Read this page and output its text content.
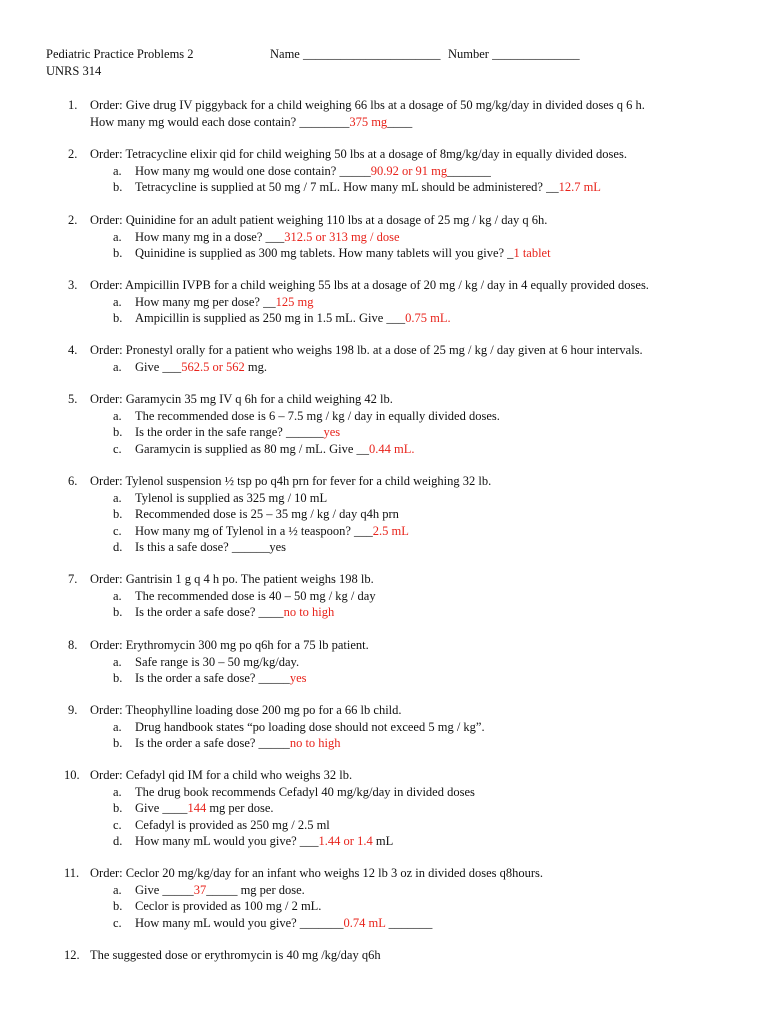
Pediatric Practice Problems 2	Name ______________________ Number ______________
UNRS 314
1.	Order: Give drug IV piggyback for a child weighing 66 lbs at a dosage of 50 mg/kg/day in divided doses q 6 h.
How many mg would each dose contain? ________375 mg____
2.	Order: Tetracycline elixir qid for child weighing 50 lbs at a dosage of 8mg/kg/day in equally divided doses.
a. How many mg would one dose contain? _____90.92 or 91 mg_______
b. Tetracycline is supplied at 50 mg / 7 mL. How many mL should be administered? __12.7 mL
2.	Order: Quinidine for an adult patient weighing 110 lbs at a dosage of 25 mg / kg / day q 6h.
a. How many mg in a dose? ___312.5 or 313 mg / dose
b. Quinidine is supplied as 300 mg tablets. How many tablets will you give? _1 tablet
3.	Order: Ampicillin IVPB for a child weighing 55 lbs at a dosage of 20 mg / kg / day in 4 equally provided doses.
a. How many mg per dose? __125 mg
b. Ampicillin is supplied as 250 mg in 1.5 mL. Give ___0.75 mL.
4.	Order: Pronestyl orally for a patient who weighs 198 lb. at a dose of 25 mg / kg / day given at 6 hour intervals.
a. Give ___562.5 or 562 mg.
5.	Order: Garamycin 35 mg IV q 6h for a child weighing 42 lb.
a. The recommended dose is 6 – 7.5 mg / kg / day in equally divided doses.
b. Is the order in the safe range? ______yes
c. Garamycin is supplied as 80 mg / mL. Give __0.44 mL.
6.	Order: Tylenol suspension ½ tsp po q4h prn for fever for a child weighing 32 lb.
a. Tylenol is supplied as 325 mg / 10 mL
b. Recommended dose is 25 – 35 mg / kg / day q4h prn
c. How many mg of Tylenol in a ½ teaspoon? ___2.5 mL
d. Is this a safe dose? ______yes
7.	Order: Gantrisin 1 g q 4 h po. The patient weighs 198 lb.
a. The recommended dose is 40 – 50 mg / kg / day
b. Is the order a safe dose? ____no to high
8.	Order: Erythromycin 300 mg po q6h for a 75 lb patient.
a. Safe range is 30 – 50 mg/kg/day.
b. Is the order a safe dose? _____yes
9.	Order: Theophylline loading dose 200 mg po for a 66 lb child.
a. Drug handbook states “po loading dose should not exceed 5 mg / kg”.
b. Is the order a safe dose? _____no to high
10. Order: Cefadyl qid IM for a child who weighs 32 lb.
a. The drug book recommends Cefadyl 40 mg/kg/day in divided doses
b. Give ____144 mg per dose.
c. Cefadyl is provided as 250 mg / 2.5 ml
d. How many mL would you give? ___1.44 or 1.4 mL
11. Order: Ceclor 20 mg/kg/day for an infant who weighs 12 lb 3 oz in divided doses q8hours.
a. Give _____37_____ mg per dose.
b. Ceclor is provided as 100 mg / 2 mL.
c. How many mL would you give? _______0.74 mL _______
12. The suggested dose or erythromycin is 40 mg /kg/day q6h
